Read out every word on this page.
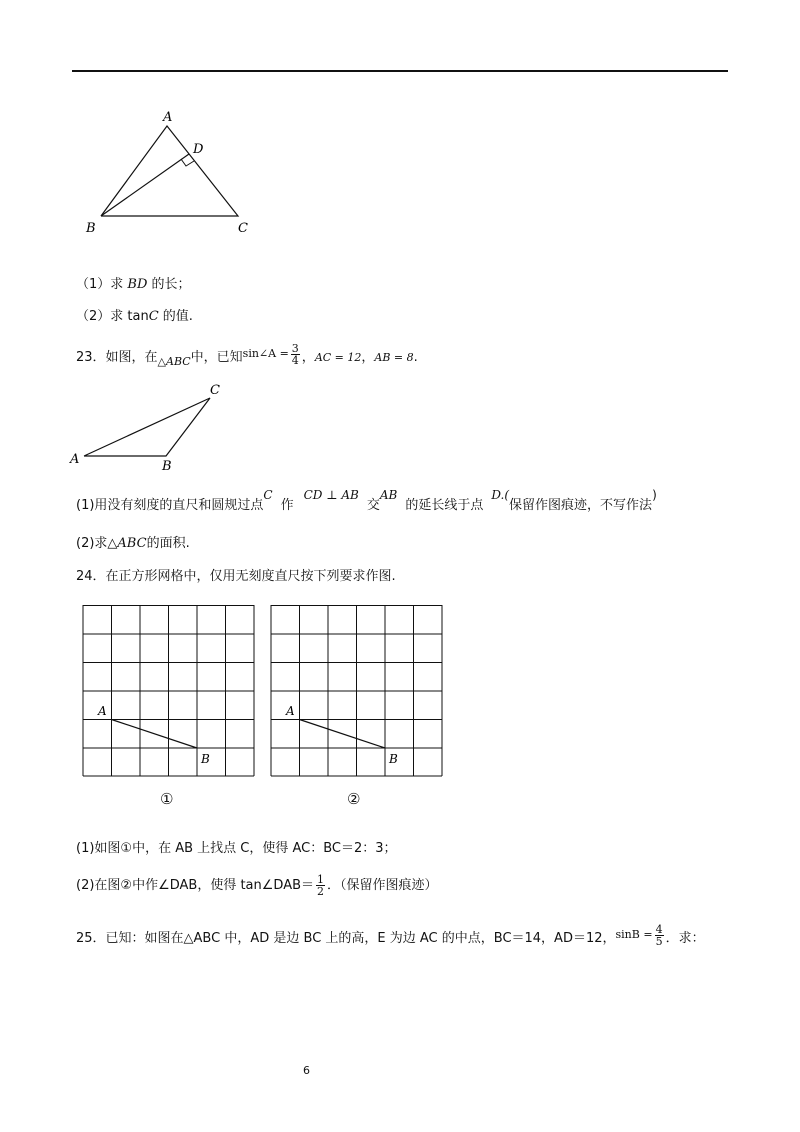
A
D
B	C
（1）求 BD 的长；
（2）求 tanC 的值.
23．如图，在$_{\triangle ABC}$中，已知$^{sin\angle A = \frac{3}{4}}$ ，AC = 12，AB = 8.
C
A	B
(1)用没有刻度的直尺和圆规过点C作CD ⊥ AB交AB的延长线于点D.(保留作图痕迹，不写作法)
(2)求△ABC的面积.
24．在正方形网格中，仅用无刻度直尺按下列要求作图.
A
B
A
B
①	②
(1)如图①中，在 AB 上找点 C，使得 AC：BC＝2：3；
(2)在图②中作∠DAB，使得 tan∠DAB＝ $\frac{1}{2}$ ．（保留作图痕迹）
25．已知：如图在△ABC 中，AD 是边 BC 上的高，E 为边 AC 的中点，BC＝14，AD＝12，$^{sinB = \frac{4}{5}}$ ．求：
6
